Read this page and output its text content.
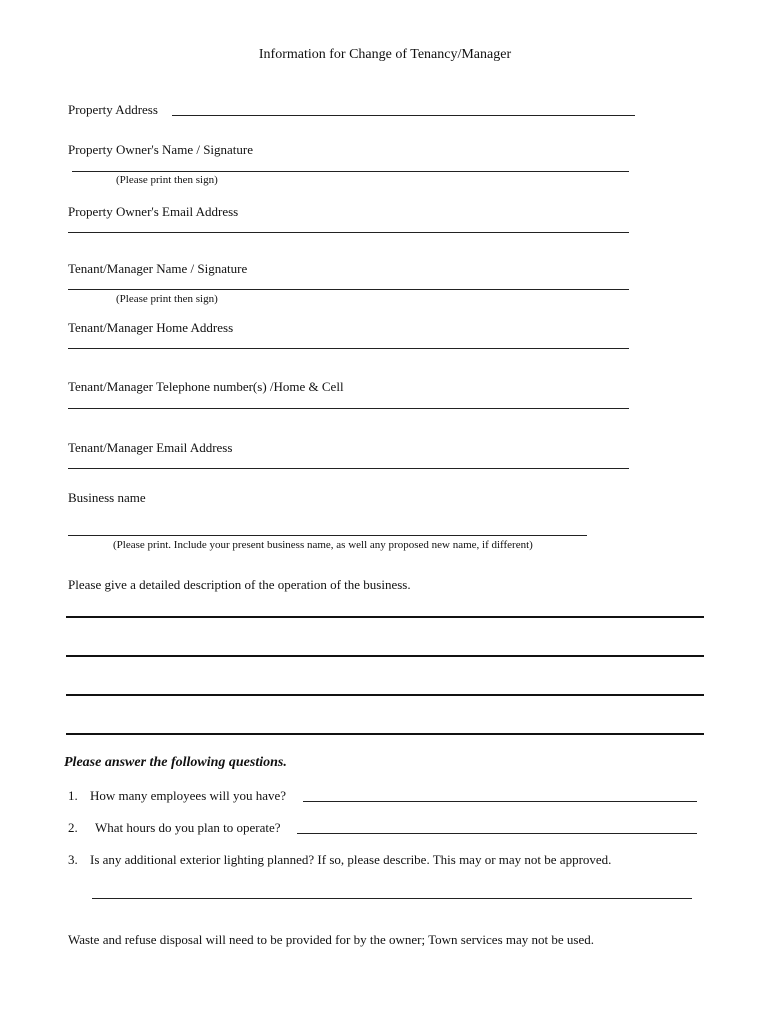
Information for Change of Tenancy/Manager
Property Address
Property Owner's Name / Signature
(Please print then sign)
Property Owner's Email Address
Tenant/Manager Name / Signature
(Please print then sign)
Tenant/Manager Home Address
Tenant/Manager Telephone number(s) /Home & Cell
Tenant/Manager Email Address
Business name
(Please print. Include your present business name, as well any proposed new name, if different)
Please give a detailed description of the operation of the business.
Please answer the following questions.
1. How many employees will you have?
2. What hours do you plan to operate?
3. Is any additional exterior lighting planned? If so, please describe. This may or may not be approved.
Waste and refuse disposal will need to be provided for by the owner; Town services may not be used.
